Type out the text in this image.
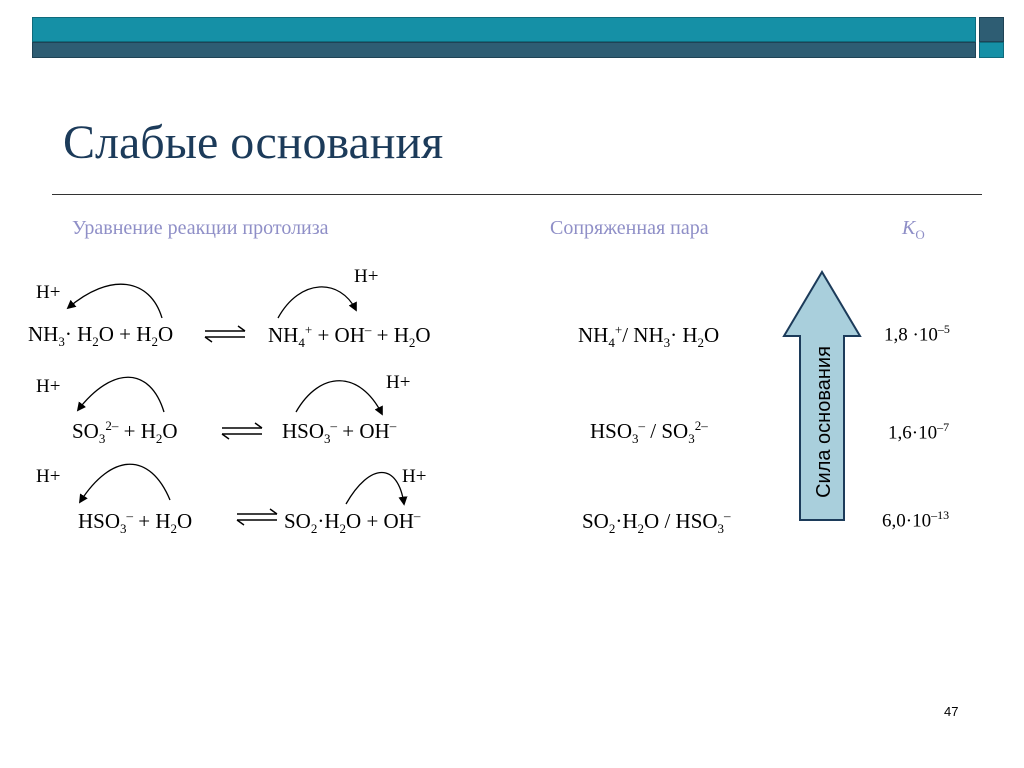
Слабые основания
Уравнение реакции протолиза	Сопряженная пара	$K_O$
H+
H+
H+	H+
H+	H+
$NH_3\cdot H_2O + H_2O$	$NH_4^+ + OH^- + H_2O$	$NH_4^+/$ $NH_3\cdot H_2O$	$1,8 \cdot 10^{-5}$
$SO_3^{2-} + H_2O$	$HSO_3^- + OH^-$	$HSO_3^- / SO_3^{2-}$	$1,6\cdot 10^{-7}$
$HSO_3^- + H_2O$	$SO_2\cdot H_2O + OH^-$	$SO_2\cdot H_2O / HSO_3^-$	$6,0\cdot 10^{-13}$
Сила основания
47
